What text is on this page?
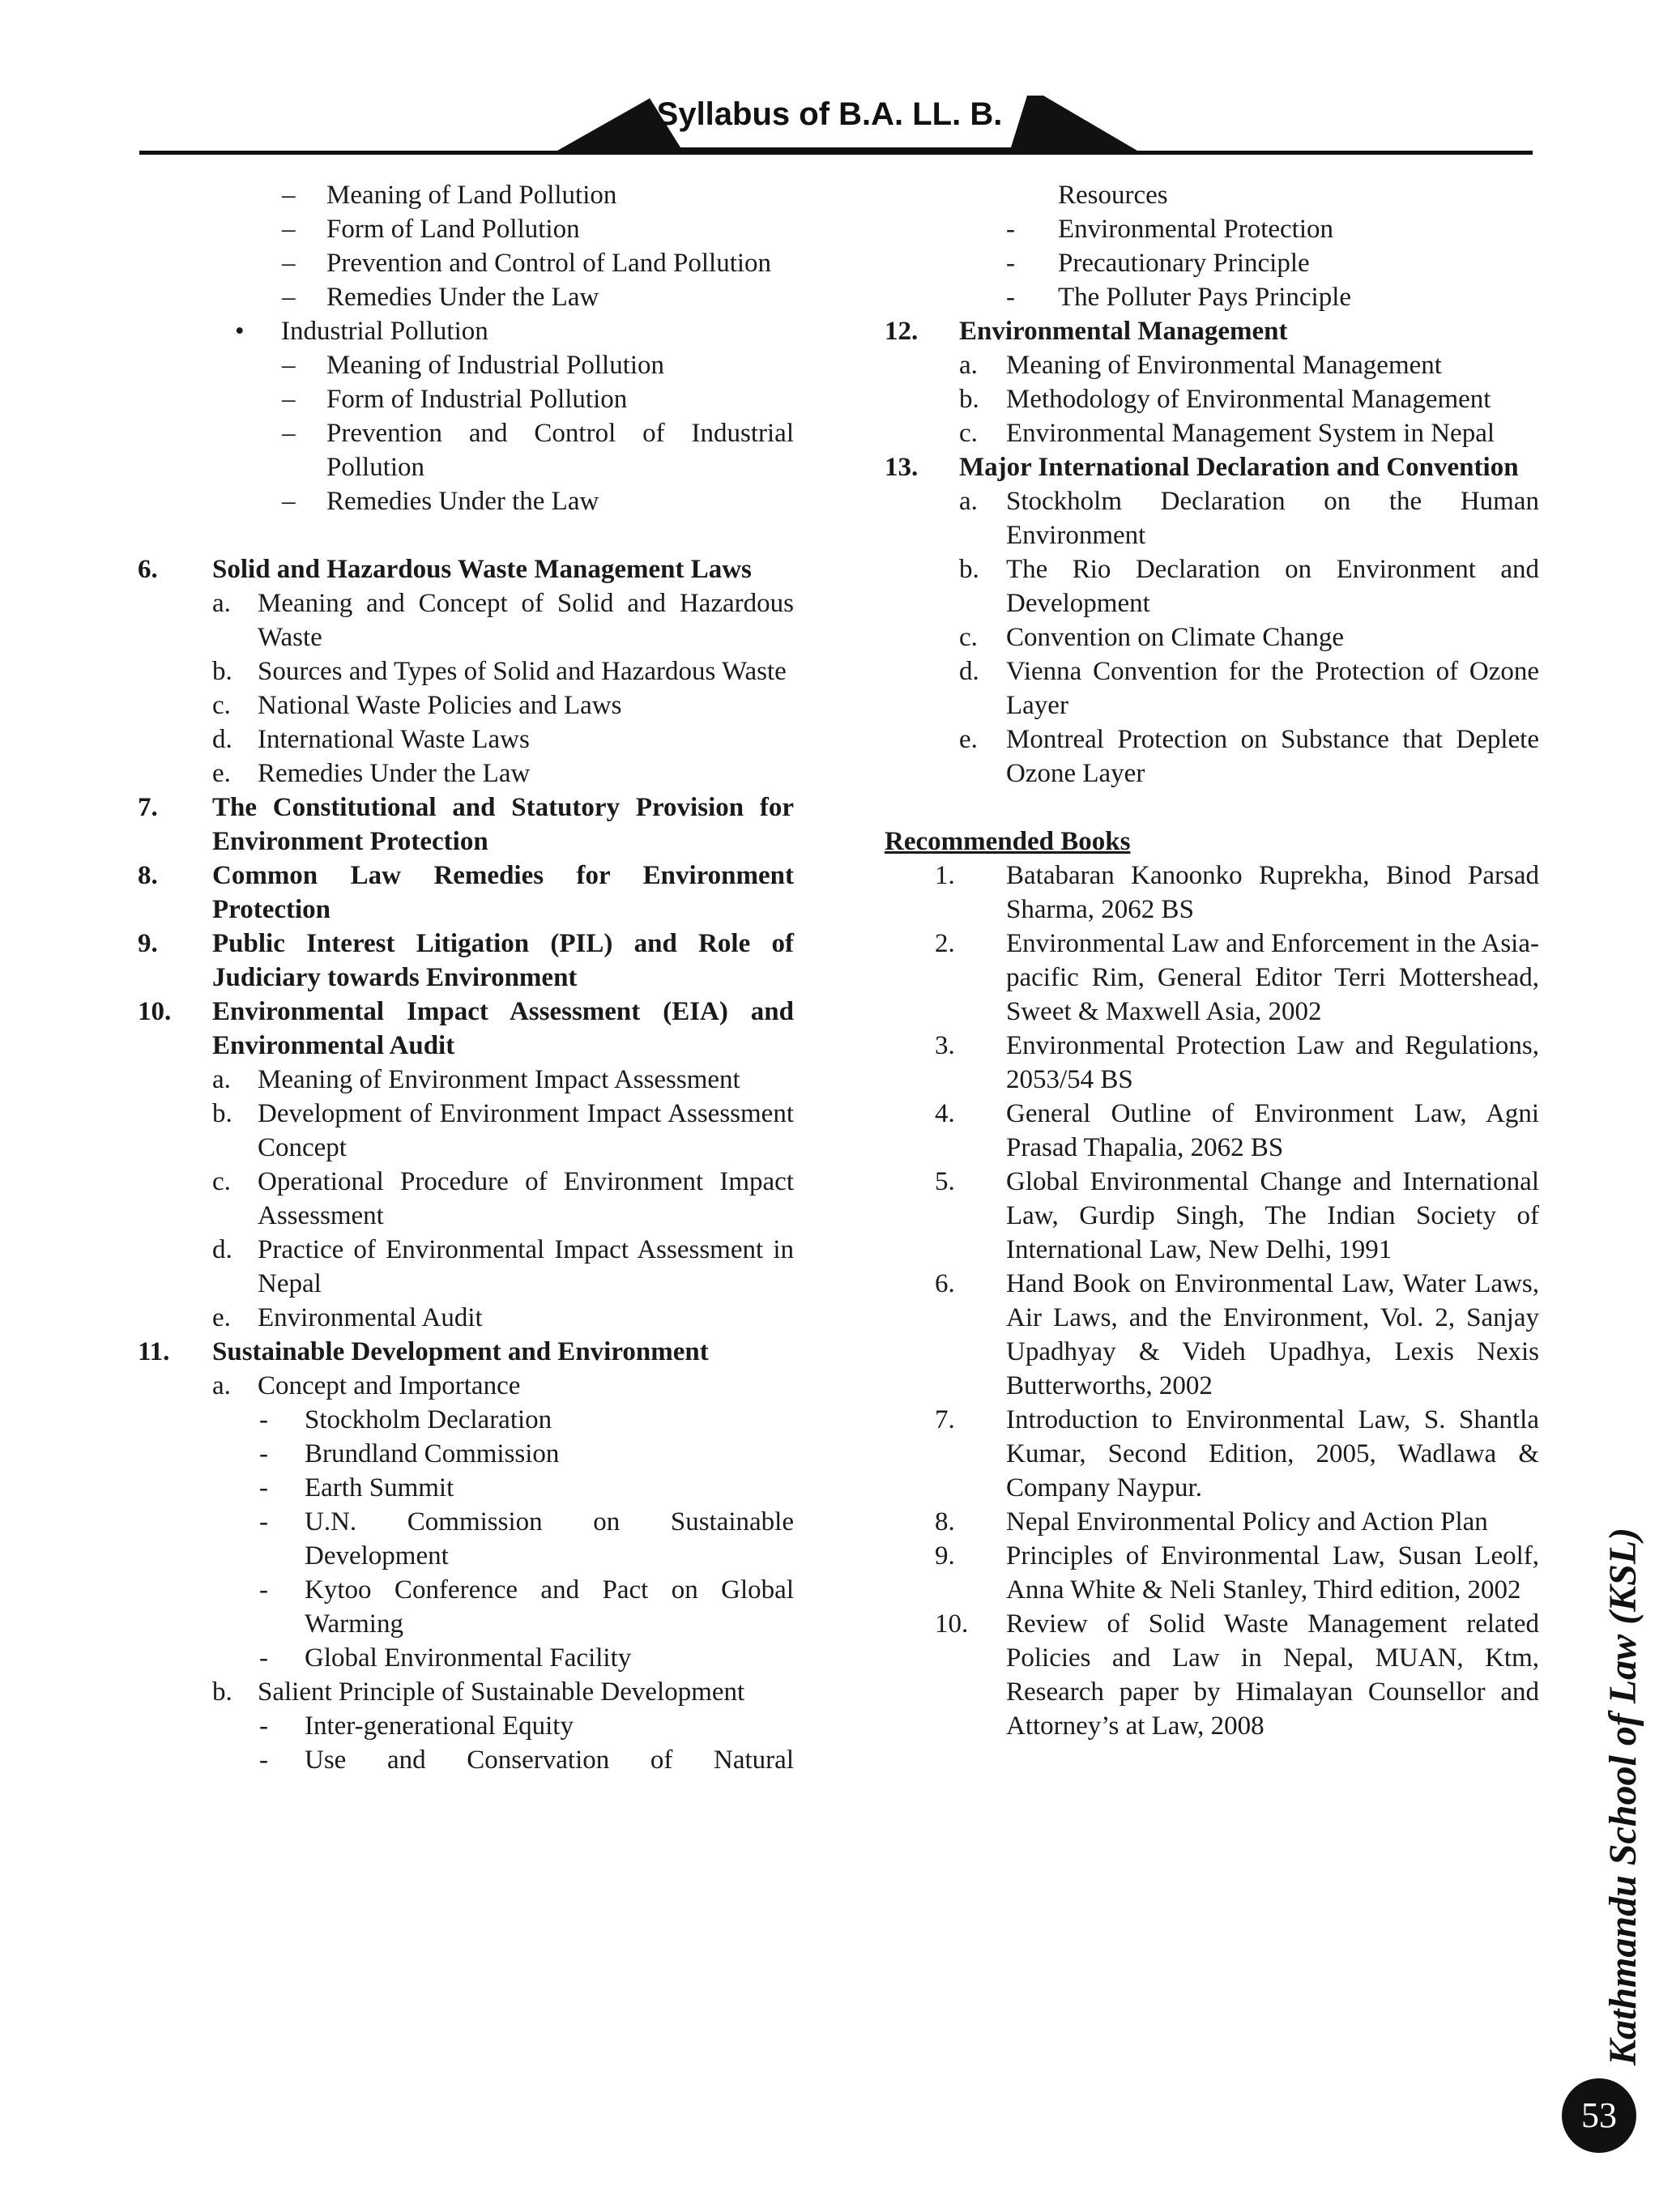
Syllabus of B.A. LL. B.
– Meaning of Land Pollution
– Form of Land Pollution
– Prevention and Control of Land Pollution
– Remedies Under the Law
• Industrial Pollution
– Meaning of Industrial Pollution
– Form of Industrial Pollution
– Prevention and Control of Industrial Pollution
– Remedies Under the Law
6. Solid and Hazardous Waste Management Laws
a. Meaning and Concept of Solid and Hazardous Waste
b. Sources and Types of Solid and Hazardous Waste
c. National Waste Policies and Laws
d. International Waste Laws
e. Remedies Under the Law
7. The Constitutional and Statutory Provision for Environment Protection
8. Common Law Remedies for Environment Protection
9. Public Interest Litigation (PIL) and Role of Judiciary towards Environment
10. Environmental Impact Assessment (EIA) and Environmental Audit
a. Meaning of Environment Impact Assessment
b. Development of Environment Impact Assessment Concept
c. Operational Procedure of Environment Impact Assessment
d. Practice of Environmental Impact Assessment in Nepal
e. Environmental Audit
11. Sustainable Development and Environment
a. Concept and Importance
- Stockholm Declaration
- Brundland Commission
- Earth Summit
- U.N. Commission on Sustainable Development
- Kytoo Conference and Pact on Global Warming
- Global Environmental Facility
b. Salient Principle of Sustainable Development
- Inter-generational Equity
- Use and Conservation of Natural
Resources
- Environmental Protection
- Precautionary Principle
- The Polluter Pays Principle
12. Environmental Management
a. Meaning of Environmental Management
b. Methodology of Environmental Management
c. Environmental Management System in Nepal
13. Major International Declaration and Convention
a. Stockholm Declaration on the Human Environment
b. The Rio Declaration on Environment and Development
c. Convention on Climate Change
d. Vienna Convention for the Protection of Ozone Layer
e. Montreal Protection on Substance that Deplete Ozone Layer
Recommended Books
1. Batabaran Kanoonko Ruprekha, Binod Parsad Sharma, 2062 BS
2. Environmental Law and Enforcement in the Asia-pacific Rim, General Editor Terri Mottershead, Sweet & Maxwell Asia, 2002
3. Environmental Protection Law and Regulations, 2053/54 BS
4. General Outline of Environment Law, Agni Prasad Thapalia, 2062 BS
5. Global Environmental Change and International Law, Gurdip Singh, The Indian Society of International Law, New Delhi, 1991
6. Hand Book on Environmental Law, Water Laws, Air Laws, and the Environment, Vol. 2, Sanjay Upadhyay & Videh Upadhya, Lexis Nexis Butterworths, 2002
7. Introduction to Environmental Law, S. Shantla Kumar, Second Edition, 2005, Wadlawa & Company Naypur.
8. Nepal Environmental Policy and Action Plan
9. Principles of Environmental Law, Susan Leolf, Anna White & Neli Stanley, Third edition, 2002
10. Review of Solid Waste Management related Policies and Law in Nepal, MUAN, Ktm, Research paper by Himalayan Counsellor and Attorney’s at Law, 2008	Kathmandu School of Law (KSL)
53
